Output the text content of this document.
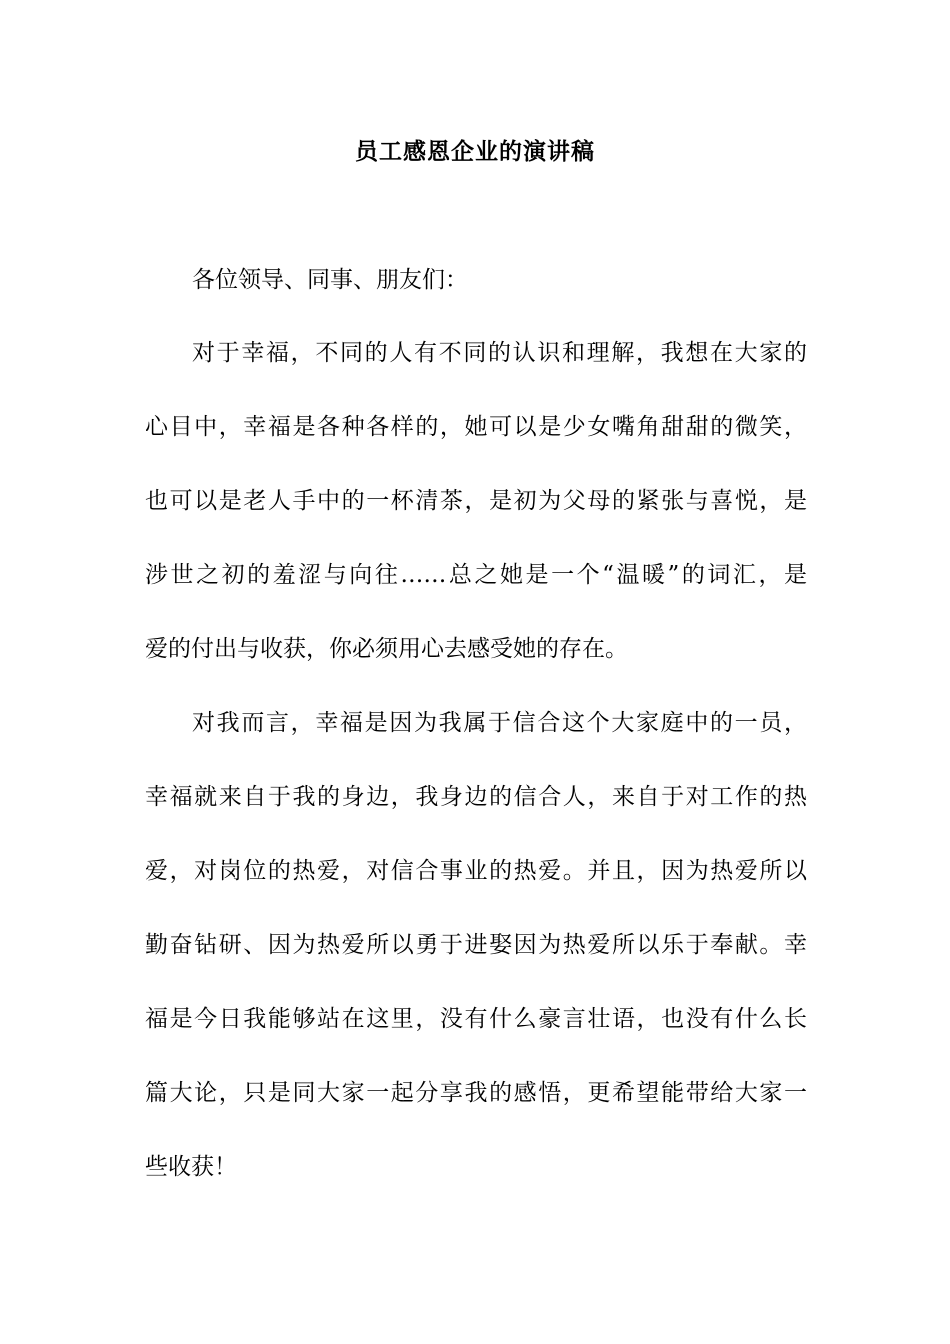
员工感恩企业的演讲稿
各位领导、同事、朋友们：
对于幸福，不同的人有不同的认识和理解，我想在大家的
心目中，幸福是各种各样的，她可以是少女嘴角甜甜的微笑，
也可以是老人手中的一杯清茶，是初为父母的紧张与喜悦，是
涉世之初的羞涩与向往……总之她是一个“温暖”的词汇，是
爱的付出与收获，你必须用心去感受她的存在。
对我而言，幸福是因为我属于信合这个大家庭中的一员，
幸福就来自于我的身边，我身边的信合人，来自于对工作的热
爱，对岗位的热爱，对信合事业的热爱。并且，因为热爱所以
勤奋钻研、因为热爱所以勇于进娶因为热爱所以乐于奉献。幸
福是今日我能够站在这里，没有什么豪言壮语，也没有什么长
篇大论，只是同大家一起分享我的感悟，更希望能带给大家一
些收获！
